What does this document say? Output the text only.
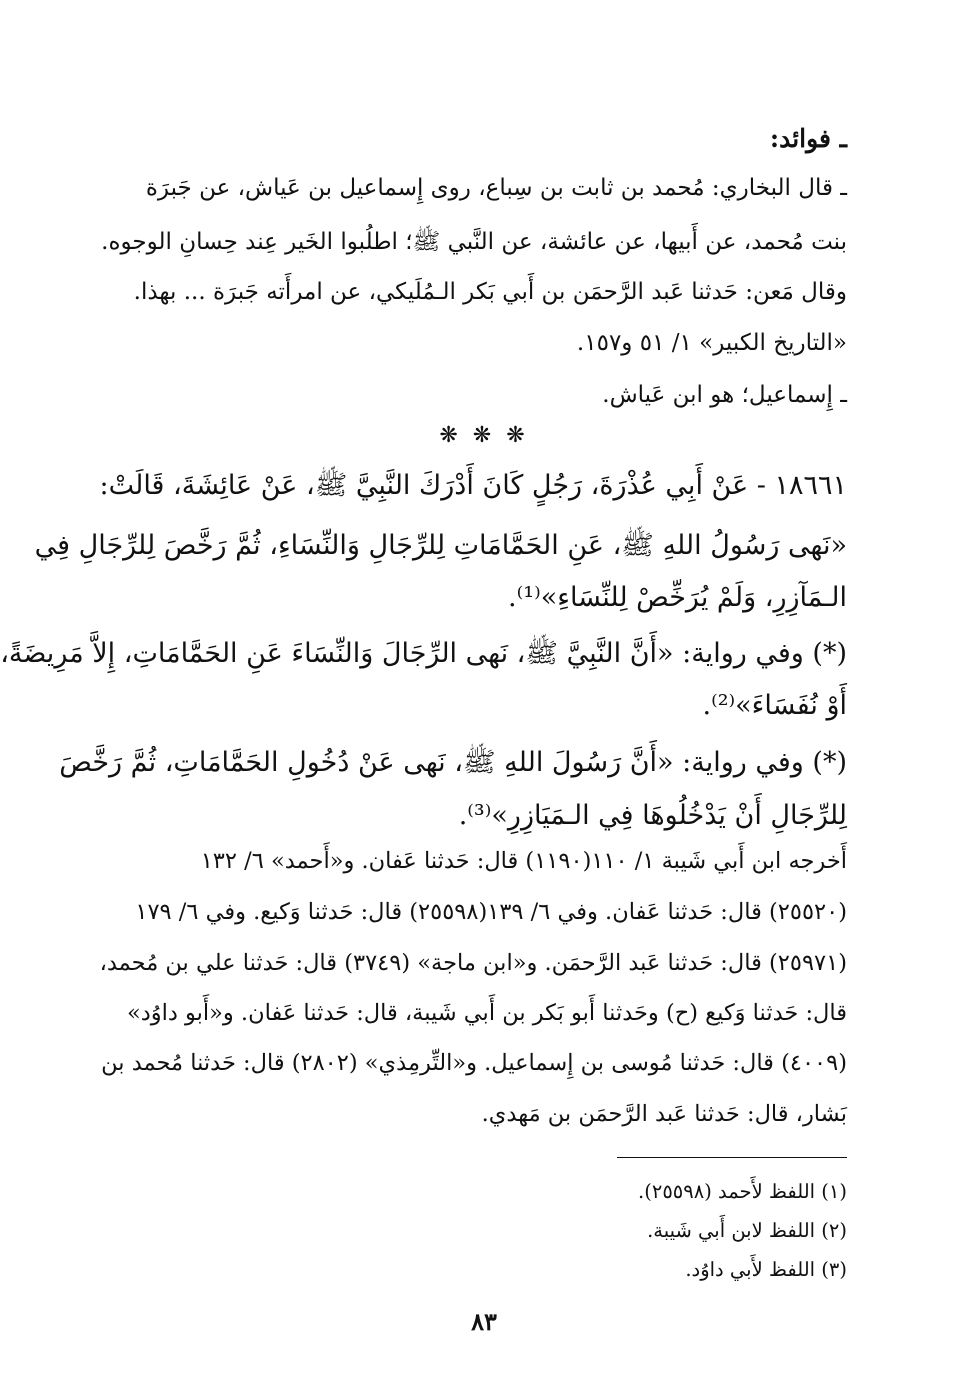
ـ فوائد:
ـ قال البخاري: مُحمد بن ثابت بن سِباع، روى إِسماعيل بن عَياش، عن جَبرَة
بنت مُحمد، عن أَبيها، عن عائشة، عن النَّبي ﷺ؛ اطلُبوا الخَير عِند حِسانِ الوجوه.
وقال مَعن: حَدثنا عَبد الرَّحمَن بن أَبي بَكر الـمُلَيكي، عن امرأَته جَبرَة ... بهذا.
«التاريخ الكبير» ١/ ٥١ و١٥٧.
ـ إِسماعيل؛ هو ابن عَياش.
❋ ❋ ❋
١٨٦٦١ - عَنْ أَبِي عُذْرَةَ، رَجُلٍ كَانَ أَدْرَكَ النَّبِيَّ ﷺ، عَنْ عَائِشَةَ، قَالَتْ:
«نَهى رَسُولُ اللهِ ﷺ، عَنِ الحَمَّامَاتِ لِلرِّجَالِ وَالنِّسَاءِ، ثُمَّ رَخَّصَ لِلرِّجَالِ فِي
الـمَآزِرِ، وَلَمْ يُرَخِّصْ لِلنِّسَاءِ»⁽¹⁾.
(*) وفي رواية: «أَنَّ النَّبِيَّ ﷺ، نَهى الرِّجَالَ وَالنِّسَاءَ عَنِ الحَمَّامَاتِ، إِلاَّ مَرِيضَةً،
أَوْ نُفَسَاءَ»⁽²⁾.
(*) وفي رواية: «أَنَّ رَسُولَ اللهِ ﷺ، نَهى عَنْ دُخُولِ الحَمَّامَاتِ، ثُمَّ رَخَّصَ
لِلرِّجَالِ أَنْ يَدْخُلُوهَا فِي الـمَيَازِرِ»⁽³⁾.
أَخرجه ابن أَبي شَيبة ١/ ١١٠(١١٩٠) قال: حَدثنا عَفان. و«أَحمد» ٦/ ١٣٢
(٢٥٥٢٠) قال: حَدثنا عَفان. وفي ٦/ ١٣٩(٢٥٥٩٨) قال: حَدثنا وَكيع. وفي ٦/ ١٧٩
(٢٥٩٧١) قال: حَدثنا عَبد الرَّحمَن. و«ابن ماجة» (٣٧٤٩) قال: حَدثنا علي بن مُحمد،
قال: حَدثنا وَكيع (ح) وحَدثنا أَبو بَكر بن أَبي شَيبة، قال: حَدثنا عَفان. و«أَبو داوُد»
(٤٠٠٩) قال: حَدثنا مُوسى بن إِسماعيل. و«التِّرمِذي» (٢٨٠٢) قال: حَدثنا مُحمد بن
بَشار، قال: حَدثنا عَبد الرَّحمَن بن مَهدي.
(١) اللفظ لأَحمد (٢٥٥٩٨).
(٢) اللفظ لابن أَبي شَيبة.
(٣) اللفظ لأَبي داوُد.
٨٣
